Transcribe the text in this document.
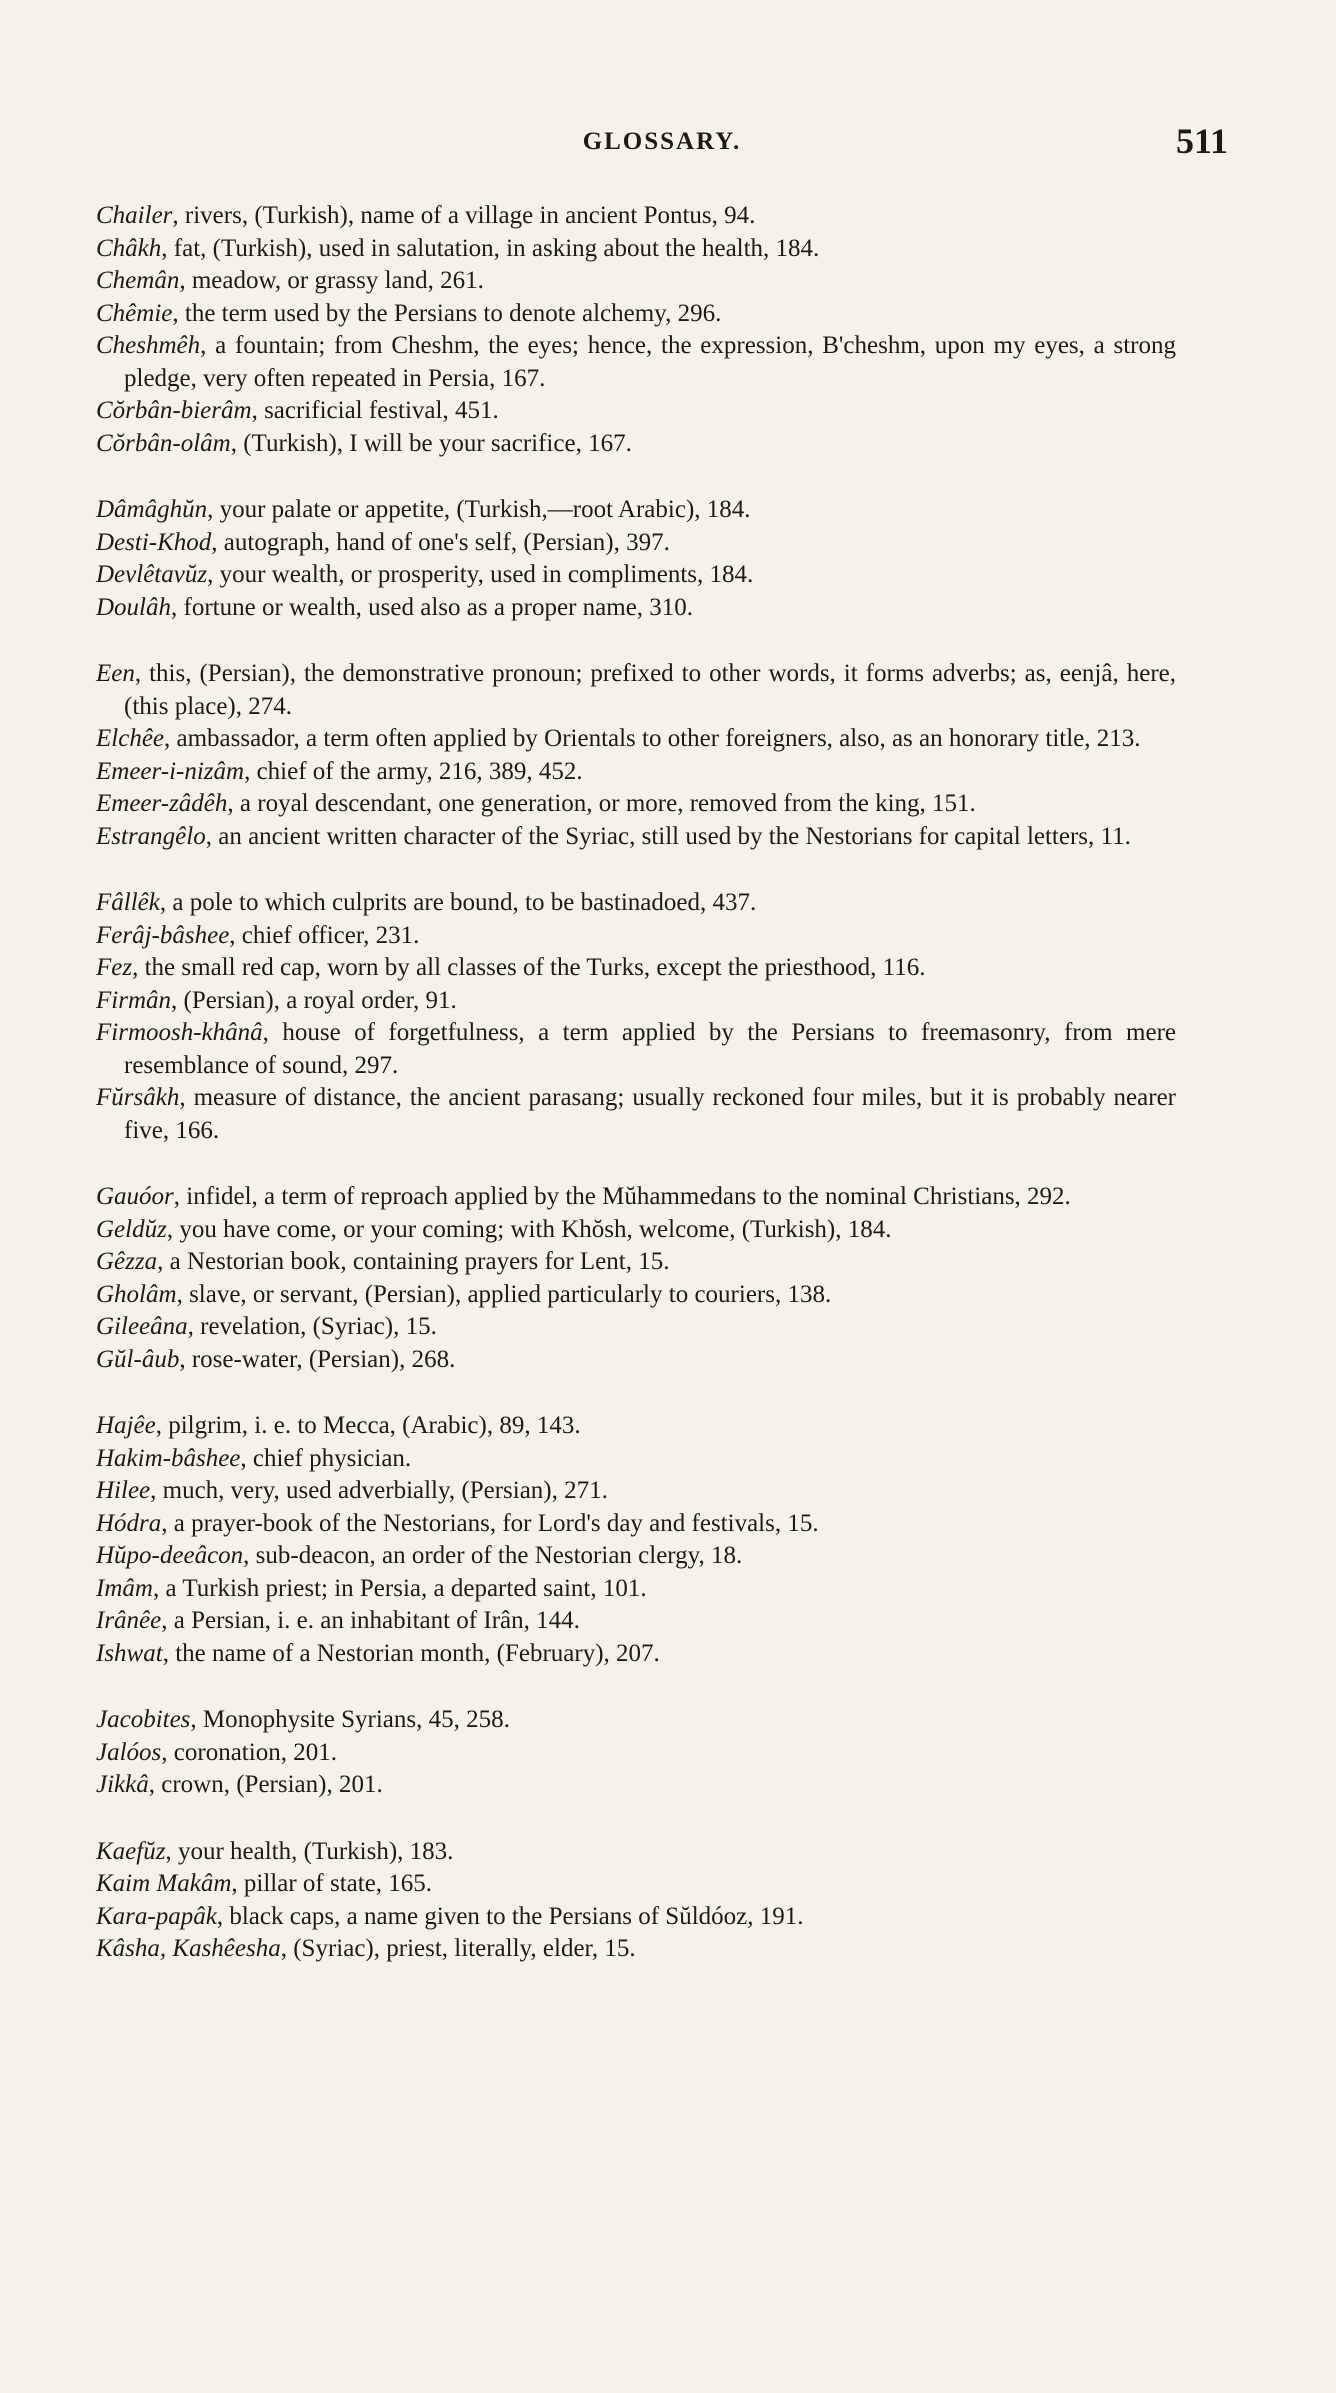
GLOSSARY.	511
Chailer, rivers, (Turkish), name of a village in ancient Pontus, 94.
Châkh, fat, (Turkish), used in salutation, in asking about the health, 184.
Chemân, meadow, or grassy land, 261.
Chêmie, the term used by the Persians to denote alchemy, 296.
Cheshmêh, a fountain; from Cheshm, the eyes; hence, the expression, B'cheshm, upon my eyes, a strong pledge, very often repeated in Persia, 167.
Cŏrbân-bierâm, sacrificial festival, 451.
Cŏrbân-olâm, (Turkish), I will be your sacrifice, 167.
Dâmâghŭn, your palate or appetite, (Turkish,—root Arabic), 184.
Desti-Khod, autograph, hand of one's self, (Persian), 397.
Devlêtavŭz, your wealth, or prosperity, used in compliments, 184.
Doulâh, fortune or wealth, used also as a proper name, 310.
Een, this, (Persian), the demonstrative pronoun; prefixed to other words, it forms adverbs; as, eenjâ, here, (this place), 274.
Elchêe, ambassador, a term often applied by Orientals to other foreigners, also, as an honorary title, 213.
Emeer-i-nizâm, chief of the army, 216, 389, 452.
Emeer-zâdêh, a royal descendant, one generation, or more, removed from the king, 151.
Estrangêlo, an ancient written character of the Syriac, still used by the Nestorians for capital letters, 11.
Fâllêk, a pole to which culprits are bound, to be bastinadoed, 437.
Ferâj-bâshee, chief officer, 231.
Fez, the small red cap, worn by all classes of the Turks, except the priesthood, 116.
Firmân, (Persian), a royal order, 91.
Firmoosh-khânâ, house of forgetfulness, a term applied by the Persians to freemasonry, from mere resemblance of sound, 297.
Fŭrsâkh, measure of distance, the ancient parasang; usually reckoned four miles, but it is probably nearer five, 166.
Gauóor, infidel, a term of reproach applied by the Mŭhammedans to the nominal Christians, 292.
Geldŭz, you have come, or your coming; with Khŏsh, welcome, (Turkish), 184.
Gêzza, a Nestorian book, containing prayers for Lent, 15.
Gholâm, slave, or servant, (Persian), applied particularly to couriers, 138.
Gileeâna, revelation, (Syriac), 15.
Gŭl-âub, rose-water, (Persian), 268.
Hajêe, pilgrim, i. e. to Mecca, (Arabic), 89, 143.
Hakim-bâshee, chief physician.
Hilee, much, very, used adverbially, (Persian), 271.
Hódra, a prayer-book of the Nestorians, for Lord's day and festivals, 15.
Hŭpo-deeâcon, sub-deacon, an order of the Nestorian clergy, 18.
Imâm, a Turkish priest; in Persia, a departed saint, 101.
Irânêe, a Persian, i. e. an inhabitant of Irân, 144.
Ishwat, the name of a Nestorian month, (February), 207.
Jacobites, Monophysite Syrians, 45, 258.
Jalóos, coronation, 201.
Jikkâ, crown, (Persian), 201.
Kaefŭz, your health, (Turkish), 183.
Kaim Makâm, pillar of state, 165.
Kara-papâk, black caps, a name given to the Persians of Sŭldóoz, 191.
Kâsha, Kashêesha, (Syriac), priest, literally, elder, 15.
